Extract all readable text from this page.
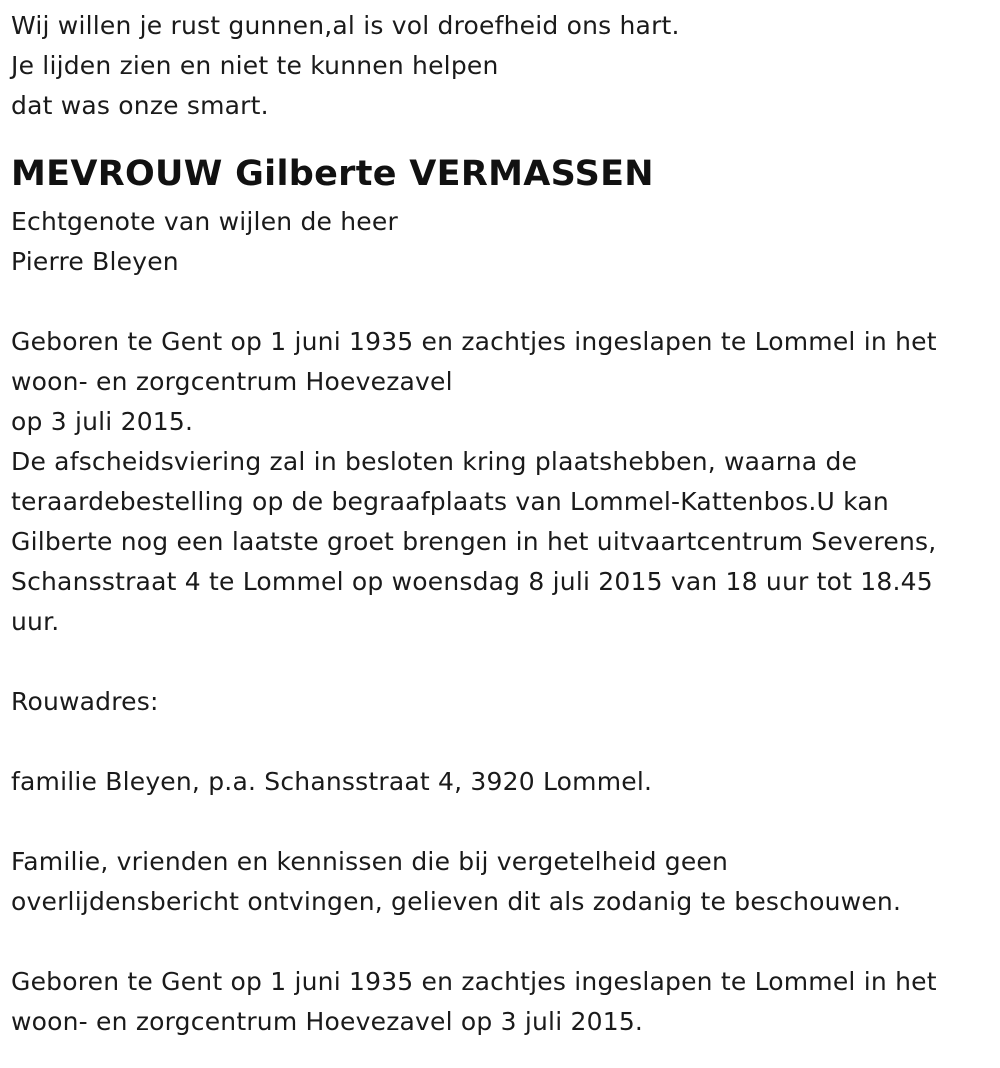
Wij willen je rust gunnen,al is vol droefheid ons hart.

Je lijden zien en niet te kunnen helpen

dat was onze smart.

MEVROUW Gilberte VERMASSEN

Echtgenote van wijlen de heer

Pierre Bleyen

Geboren te Gent op 1 juni 1935 en zachtjes ingeslapen te Lommel in het

woon- en zorgcentrum Hoevezavel

op 3 juli 2015.

De afscheidsviering zal in besloten kring plaatshebben, waarna de

teraardebestelling op de begraafplaats van Lommel-Kattenbos.U kan

Gilberte nog een laatste groet brengen in het uitvaartcentrum Severens,

Schansstraat 4 te Lommel op woensdag 8 juli 2015 van 18 uur tot 18.45

uur.

Rouwadres:

familie Bleyen, p.a. Schansstraat 4, 3920 Lommel.

Familie, vrienden en kennissen die bij vergetelheid geen

overlijdensbericht ontvingen, gelieven dit als zodanig te beschouwen.

Geboren te Gent op 1 juni 1935 en zachtjes ingeslapen te Lommel in het

woon- en zorgcentrum Hoevezavel op 3 juli 2015.
